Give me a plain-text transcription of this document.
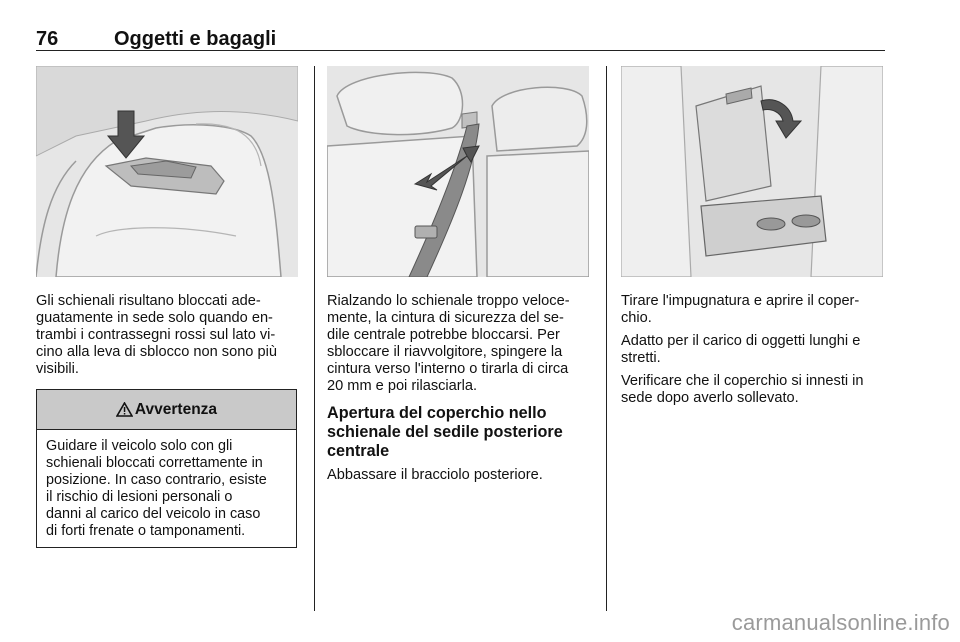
76	Oggetti e bagagli
Gli schienali risultano bloccati ade-
guatamente in sede solo quando en-
trambi i contrassegni rossi sul lato vi-
cino alla leva di sblocco non sono più
visibili.
Avvertenza
Guidare il veicolo solo con gli
schienali bloccati correttamente in
posizione. In caso contrario, esiste
il rischio di lesioni personali o
danni al carico del veicolo in caso
di forti frenate o tamponamenti.

Rialzando lo schienale troppo veloce-
mente, la cintura di sicurezza del se-
dile centrale potrebbe bloccarsi. Per
sbloccare il riavvolgitore, spingere la
cintura verso l'interno o tirarla di circa
20 mm e poi rilasciarla.

Apertura del coperchio nello
schienale del sedile posteriore
centrale

Abbassare il bracciolo posteriore.

Tirare l'impugnatura e aprire il coper-
chio.

Adatto per il carico di oggetti lunghi e
stretti.

Verificare che il coperchio si innesti in
sede dopo averlo sollevato.

carmanualsonline.info
